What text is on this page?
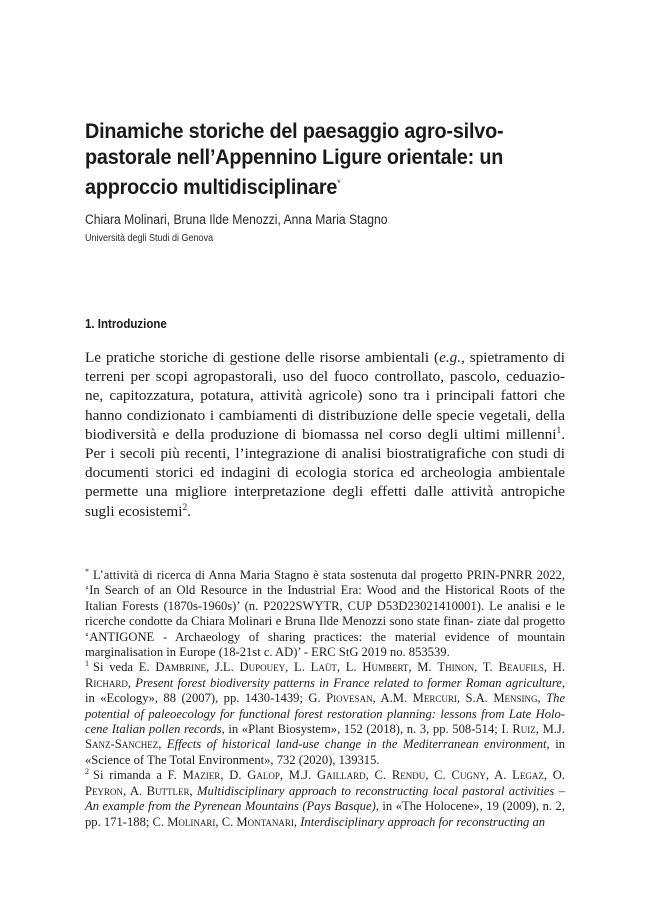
Dinamiche storiche del paesaggio agro-silvo-pastorale nell’Appennino Ligure orientale: un approccio multidisciplinare*
Chiara Molinari, Bruna Ilde Menozzi, Anna Maria Stagno
Università degli Studi di Genova
1. Introduzione

Le pratiche storiche di gestione delle risorse ambientali (e.g., spietramento di terreni per scopi agropastorali, uso del fuoco controllato, pascolo, ceduazio- ne, capitozzatura, potatura, attività agricole) sono tra i principali fattori che hanno condizionato i cambiamenti di distribuzione delle specie vegetali, della biodiversità e della produzione di biomassa nel corso degli ultimi millenni$^1$. Per i secoli più recenti, l’integrazione di analisi biostratigrafiche con studi di documenti storici ed indagini di ecologia storica ed archeologia ambientale permette una migliore interpretazione degli effetti dalle attività antropiche sugli ecosistemi$^2$.

* L’attività di ricerca di Anna Maria Stagno è stata sostenuta dal progetto PRIN-PNRR 2022, ‘In Search of an Old Resource in the Industrial Era: Wood and the Historical Roots of the Italian Forests (1870s-1960s)’ (n. P2022SWYTR, CUP D53D23021410001). Le analisi e le ricerche condotte da Chiara Molinari e Bruna Ilde Menozzi sono state finan- ziate dal progetto ‘ANTIGONE - Archaeology of sharing practices: the material evidence of mountain marginalisation in Europe (18-21st c. AD)’ - ERC StG 2019 no. 853539.

$^1$ Si veda E. Dambrine, J.L. Dupouey, L. Laüt, L. Humbert, M. Thinon, T. Beaufils, H. Richard, Present forest biodiversity patterns in France related to former Roman agriculture, in «Ecology», 88 (2007), pp. 1430-1439; G. Piovesan, A.M. Mercuri, S.A. Mensing, The potential of paleoecology for functional forest restoration planning: lessons from Late Holo- cene Italian pollen records, in «Plant Biosystem», 152 (2018), n. 3, pp. 508-514; I. Ruiz, M.J. Sanz-Sanchez, Effects of historical land-use change in the Mediterranean environment, in «Science of The Total Environment», 732 (2020), 139315.

$^2$ Si rimanda a F. Mazier, D. Galop, M.J. Gaillard, C. Rendu, C. Cugny, A. Legaz, O. Peyron, A. Buttler, Multidisciplinary approach to reconstructing local pastoral activities – An example from the Pyrenean Mountains (Pays Basque), in «The Holocene», 19 (2009), n. 2, pp. 171-188; C. Molinari, C. Montanari, Interdisciplinary approach for reconstructing an
